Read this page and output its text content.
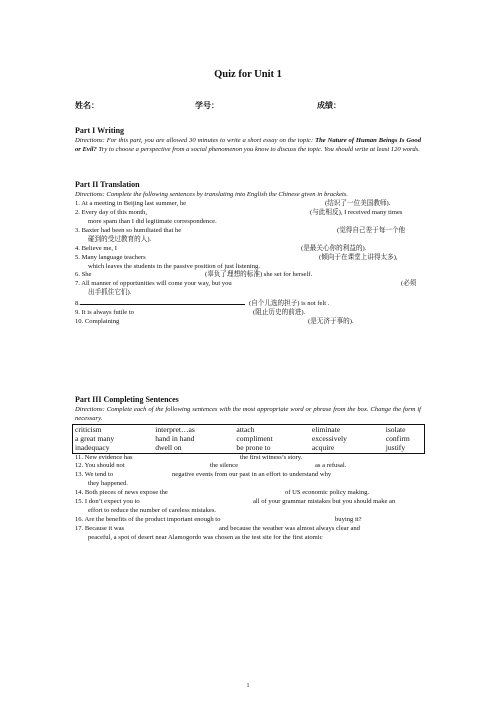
Quiz for Unit 1
姓名：	学号：	成绩：

Part I Writing

Directions: For this part, you are allowed 30 minutes to write a short essay on the topic: The Nature of Human Beings Is Good or Evil? Try to choose a perspective from a social phenomenon you know to discuss the topic. You should write at least 120 words.

Part II Translation

Directions: Complete the following sentences by translating into English the Chinese given in brackets.

1. At a meeting in Beijing last summer, he	(结识了一位美国教师).

2. Every day of this month,	(与此相反), I received many times

more spam than I did legitimate correspondence.

3. Baxter had been so humiliated that he	(觉得自己差于每一个他

碰到的受过教育的人).

4. Believe me, I	(是最关心你的利益的).

5. Many language teachers	(倾向于在课堂上讲得太多),

which leaves the students in the passive position of just listening.

6. She	(辜负了理想的标准) she set for herself.

7. All manner of opportunities will come your way, but you	(必须

出手抓住它们).

8.	(自个儿选的担子) is not felt .

9. It is always futile to	(阻止历史的前进).

10. Complaining	(是无济于事的).

Part III Completing Sentences

Directions: Complete each of the following sentences with the most appropriate word or phrase from the box. Change the form if necessary.

criticism	interpret…as	attach	eliminate	isolate
a great many	hand in hand	compliment	excessively	confirm
inadequacy	dwell on	be prone to	acquire	justify

11. New evidence has	the first witness’s story.

12. You should not	the silence	as a refusal.

13. We tend to	negative events from our past in an effort to understand why

they happened.

14. Both pieces of news expose the	of US economic policy making.

15. I don’t expect you to	all of your grammar mistakes but you should make an

effort to reduce the number of careless mistakes.

16. Are the benefits of the product important enough to	buying it?

17. Because it was	and because the weather was almost always clear and

peaceful, a spot of desert near Alamogordo was chosen as the test site for the first atomic

1
